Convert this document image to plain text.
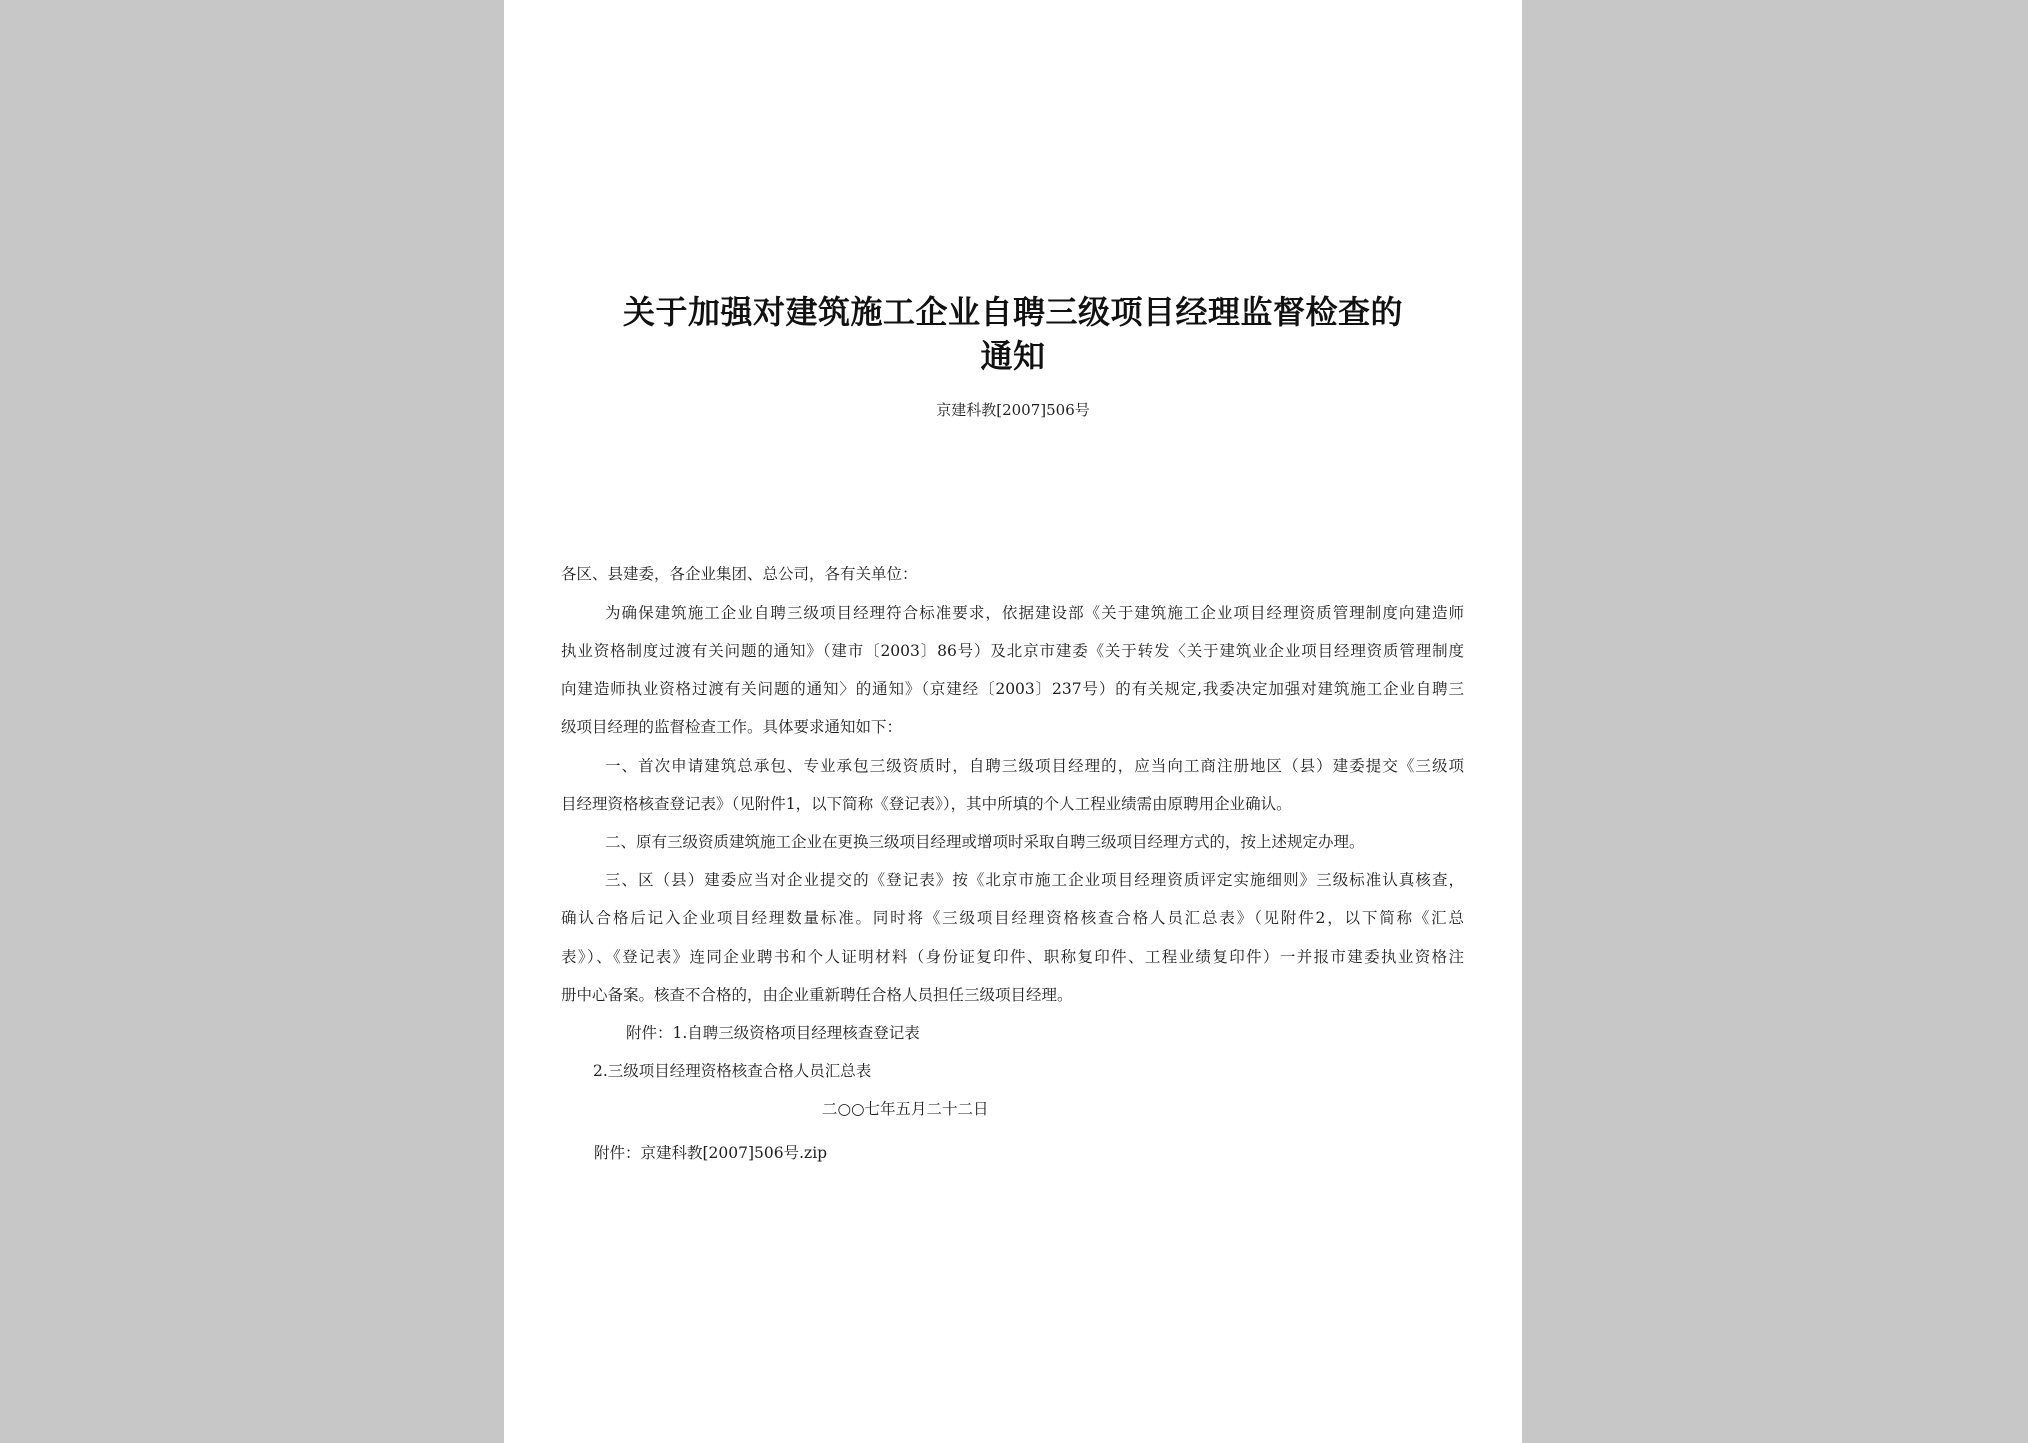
关于加强对建筑施工企业自聘三级项目经理监督检查的
通知
京建科教[2007]506号
各区、县建委，各企业集团、总公司，各有关单位：
为确保建筑施工企业自聘三级项目经理符合标准要求，依据建设部《关于建筑施工企业项目经理资质管理制度向建造师
执业资格制度过渡有关问题的通知》（建市〔2003〕86号）及北京市建委《关于转发〈关于建筑业企业项目经理资质管理制度
向建造师执业资格过渡有关问题的通知〉的通知》（京建经〔2003〕237号）的有关规定,我委决定加强对建筑施工企业自聘三
级项目经理的监督检查工作。具体要求通知如下：
一、首次申请建筑总承包、专业承包三级资质时，自聘三级项目经理的，应当向工商注册地区（县）建委提交《三级项
目经理资格核查登记表》（见附件1，以下简称《登记表》），其中所填的个人工程业绩需由原聘用企业确认。
二、原有三级资质建筑施工企业在更换三级项目经理或增项时采取自聘三级项目经理方式的，按上述规定办理。
三、区（县）建委应当对企业提交的《登记表》按《北京市施工企业项目经理资质评定实施细则》三级标准认真核查，
确认合格后记入企业项目经理数量标准。同时将《三级项目经理资格核查合格人员汇总表》（见附件2，以下简称《汇总
表》）、《登记表》连同企业聘书和个人证明材料（身份证复印件、职称复印件、工程业绩复印件）一并报市建委执业资格注
册中心备案。核查不合格的，由企业重新聘任合格人员担任三级项目经理。
附件：1.自聘三级资格项目经理核查登记表
2.三级项目经理资格核查合格人员汇总表
二○○七年五月二十二日
附件：京建科教[2007]506号.zip
